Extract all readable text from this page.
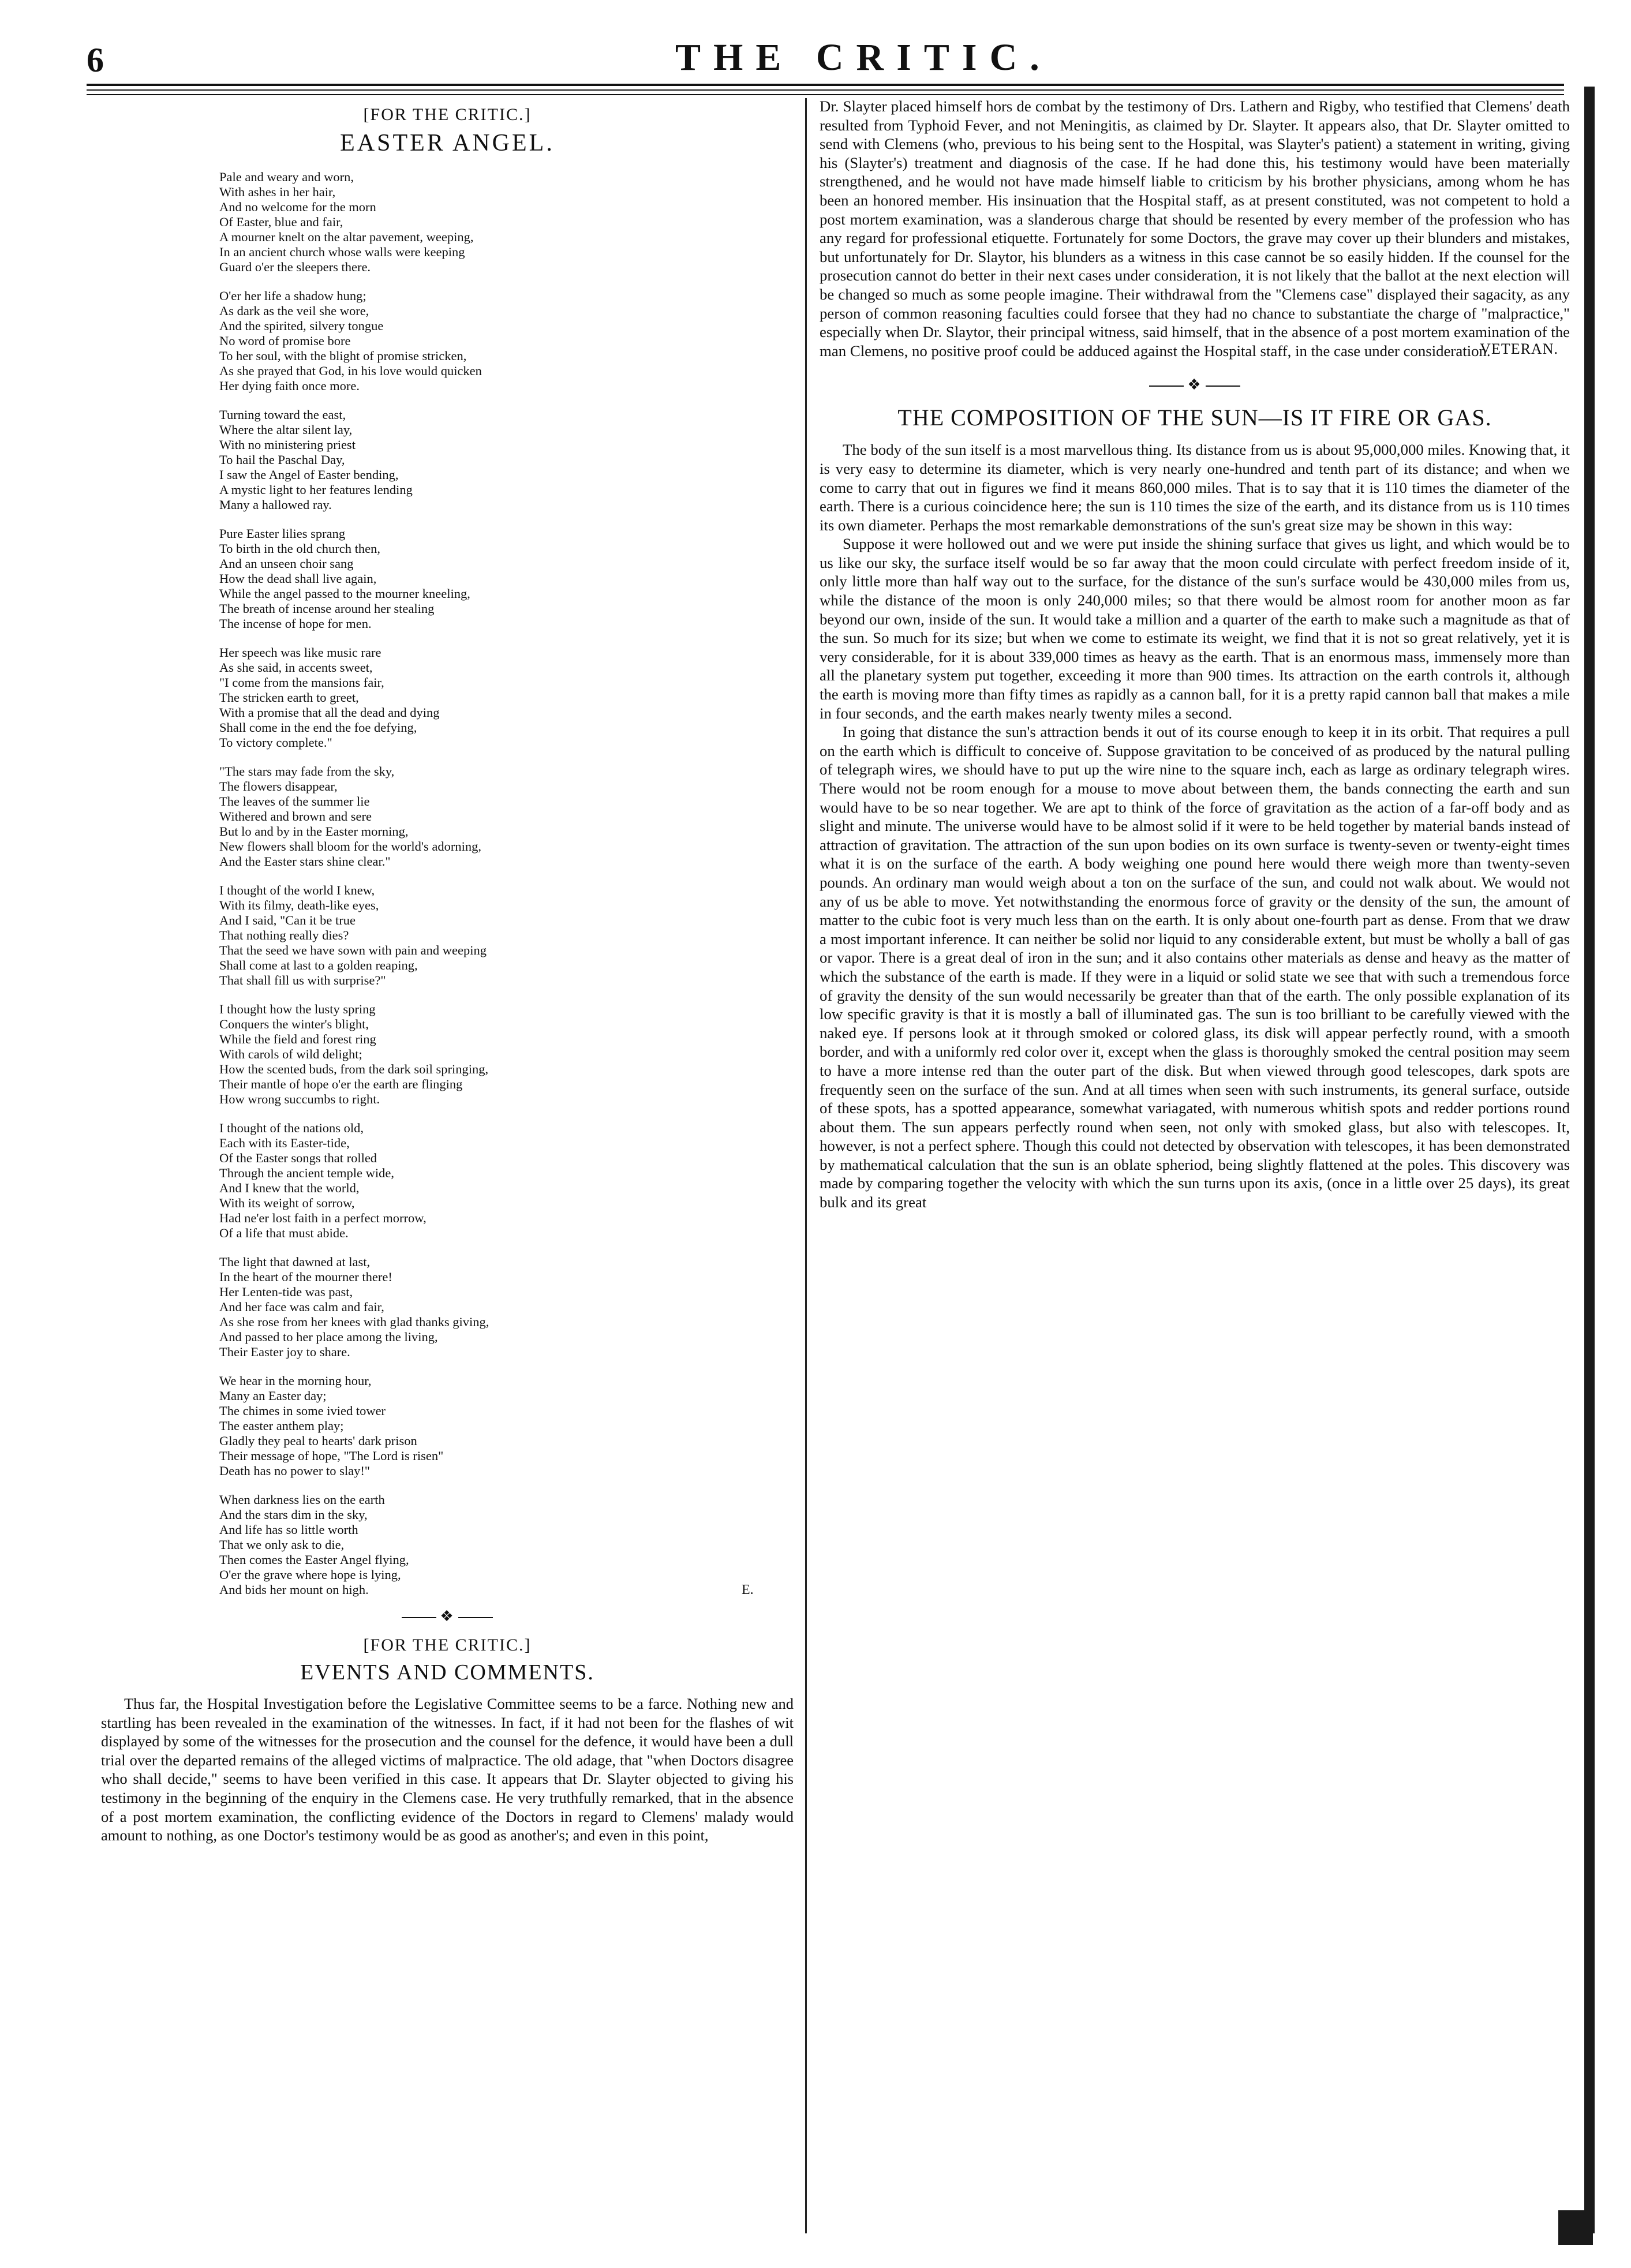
6	THE CRITIC.
[FOR THE CRITIC.]
EASTER ANGEL.
Pale and weary and worn,
With ashes in her hair,
And no welcome for the morn
Of Easter, blue and fair,
A mourner knelt on the altar pavement, weeping,
In an ancient church whose walls were keeping
Guard o'er the sleepers there.
O'er her life a shadow hung;
As dark as the veil she wore,
And the spirited, silvery tongue
No word of promise bore
To her soul, with the blight of promise stricken,
As she prayed that God, in his love would quicken
Her dying faith once more.
Turning toward the east,
Where the altar silent lay,
With no ministering priest
To hail the Paschal Day,
I saw the Angel of Easter bending,
A mystic light to her features lending
Many a hallowed ray.
Pure Easter lilies sprang
To birth in the old church then,
And an unseen choir sang
How the dead shall live again,
While the angel passed to the mourner kneeling,
The breath of incense around her stealing
The incense of hope for men.
Her speech was like music rare
As she said, in accents sweet,
"I come from the mansions fair,
The stricken earth to greet,
With a promise that all the dead and dying
Shall come in the end the foe defying,
To victory complete."
"The stars may fade from the sky,
The flowers disappear,
The leaves of the summer lie
Withered and brown and sere
But lo and by in the Easter morning,
New flowers shall bloom for the world's adorning,
And the Easter stars shine clear."
I thought of the world I knew,
With its filmy, death-like eyes,
And I said, "Can it be true
That nothing really dies?
That the seed we have sown with pain and weeping
Shall come at last to a golden reaping,
That shall fill us with surprise?"
I thought how the lusty spring
Conquers the winter's blight,
While the field and forest ring
With carols of wild delight;
How the scented buds, from the dark soil springing,
Their mantle of hope o'er the earth are flinging
How wrong succumbs to right.
I thought of the nations old,
Each with its Easter-tide,
Of the Easter songs that rolled
Through the ancient temple wide,
And I knew that the world,
With its weight of sorrow,
Had ne'er lost faith in a perfect morrow,
Of a life that must abide.
The light that dawned at last,
In the heart of the mourner there!
Her Lenten-tide was past,
And her face was calm and fair,
As she rose from her knees with glad thanks giving,
And passed to her place among the living,
Their Easter joy to share.
We hear in the morning hour,
Many an Easter day;
The chimes in some ivied tower
The easter anthem play;
Gladly they peal to hearts' dark prison
Their message of hope, "The Lord is risen"
Death has no power to slay!"
When darkness lies on the earth
And the stars dim in the sky,
And life has so little worth
That we only ask to die,
Then comes the Easter Angel flying,
O'er the grave where hope is lying,
And bids her mount on high.	E.
❖
[FOR THE CRITIC.]
EVENTS AND COMMENTS.

Thus far, the Hospital Investigation before the Legislative Committee seems to be a farce. Nothing new and startling has been revealed in the examination of the witnesses. In fact, if it had not been for the flashes of wit displayed by some of the witnesses for the prosecution and the counsel for the defence, it would have been a dull trial over the departed remains of the alleged victims of malpractice. The old adage, that "when Doctors disagree who shall decide," seems to have been verified in this case. It appears that Dr. Slayter objected to giving his testimony in the beginning of the enquiry in the Clemens case. He very truthfully remarked, that in the absence of a post mortem examination, the conflicting evidence of the Doctors in regard to Clemens' malady would amount to nothing, as one Doctor's testimony would be as good as another's; and even in this point,

Dr. Slayter placed himself hors de combat by the testimony of Drs. Lathern and Rigby, who testified that Clemens' death resulted from Typhoid Fever, and not Meningitis, as claimed by Dr. Slayter. It appears also, that Dr. Slayter omitted to send with Clemens (who, previous to his being sent to the Hospital, was Slayter's patient) a statement in writing, giving his (Slayter's) treatment and diagnosis of the case. If he had done this, his testimony would have been materially strengthened, and he would not have made himself liable to criticism by his brother physicians, among whom he has been an honored member. His insinuation that the Hospital staff, as at present constituted, was not competent to hold a post mortem examination, was a slanderous charge that should be resented by every member of the profession who has any regard for professional etiquette. Fortunately for some Doctors, the grave may cover up their blunders and mistakes, but unfortunately for Dr. Slaytor, his blunders as a witness in this case cannot be so easily hidden. If the counsel for the prosecution cannot do better in their next cases under consideration, it is not likely that the ballot at the next election will be changed so much as some people imagine. Their withdrawal from the "Clemens case" displayed their sagacity, as any person of common reasoning faculties could forsee that they had no chance to substantiate the charge of "malpractice," especially when Dr. Slaytor, their principal witness, said himself, that in the absence of a post mortem examination of the man Clemens, no positive proof could be adduced against the Hospital staff, in the case under consideration.

VETERAN.
❖
THE COMPOSITION OF THE SUN—IS IT FIRE OR GAS.

The body of the sun itself is a most marvellous thing. Its distance from us is about 95,000,000 miles. Knowing that, it is very easy to determine its diameter, which is very nearly one-hundred and tenth part of its distance; and when we come to carry that out in figures we find it means 860,000 miles. That is to say that it is 110 times the diameter of the earth. There is a curious coincidence here; the sun is 110 times the size of the earth, and its distance from us is 110 times its own diameter. Perhaps the most remarkable demonstrations of the sun's great size may be shown in this way:

Suppose it were hollowed out and we were put inside the shining surface that gives us light, and which would be to us like our sky, the surface itself would be so far away that the moon could circulate with perfect freedom inside of it, only little more than half way out to the surface, for the distance of the sun's surface would be 430,000 miles from us, while the distance of the moon is only 240,000 miles; so that there would be almost room for another moon as far beyond our own, inside of the sun. It would take a million and a quarter of the earth to make such a magnitude as that of the sun. So much for its size; but when we come to estimate its weight, we find that it is not so great relatively, yet it is very considerable, for it is about 339,000 times as heavy as the earth. That is an enormous mass, immensely more than all the planetary system put together, exceeding it more than 900 times. Its attraction on the earth controls it, although the earth is moving more than fifty times as rapidly as a cannon ball, for it is a pretty rapid cannon ball that makes a mile in four seconds, and the earth makes nearly twenty miles a second.

In going that distance the sun's attraction bends it out of its course enough to keep it in its orbit. That requires a pull on the earth which is difficult to conceive of. Suppose gravitation to be conceived of as produced by the natural pulling of telegraph wires, we should have to put up the wire nine to the square inch, each as large as ordinary telegraph wires. There would not be room enough for a mouse to move about between them, the bands connecting the earth and sun would have to be so near together. We are apt to think of the force of gravitation as the action of a far-off body and as slight and minute. The universe would have to be almost solid if it were to be held together by material bands instead of attraction of gravitation. The attraction of the sun upon bodies on its own surface is twenty-seven or twenty-eight times what it is on the surface of the earth. A body weighing one pound here would there weigh more than twenty-seven pounds. An ordinary man would weigh about a ton on the surface of the sun, and could not walk about. We would not any of us be able to move. Yet notwithstanding the enormous force of gravity or the density of the sun, the amount of matter to the cubic foot is very much less than on the earth. It is only about one-fourth part as dense. From that we draw a most important inference. It can neither be solid nor liquid to any considerable extent, but must be wholly a ball of gas or vapor. There is a great deal of iron in the sun; and it also contains other materials as dense and heavy as the matter of which the substance of the earth is made. If they were in a liquid or solid state we see that with such a tremendous force of gravity the density of the sun would necessarily be greater than that of the earth. The only possible explanation of its low specific gravity is that it is mostly a ball of illuminated gas. The sun is too brilliant to be carefully viewed with the naked eye. If persons look at it through smoked or colored glass, its disk will appear perfectly round, with a smooth border, and with a uniformly red color over it, except when the glass is thoroughly smoked the central position may seem to have a more intense red than the outer part of the disk. But when viewed through good telescopes, dark spots are frequently seen on the surface of the sun. And at all times when seen with such instruments, its general surface, outside of these spots, has a spotted appearance, somewhat variagated, with numerous whitish spots and redder portions round about them. The sun appears perfectly round when seen, not only with smoked glass, but also with telescopes. It, however, is not a perfect sphere. Though this could not detected by observation with telescopes, it has been demonstrated by mathematical calculation that the sun is an oblate spheriod, being slightly flattened at the poles. This discovery was made by comparing together the velocity with which the sun turns upon its axis, (once in a little over 25 days), its great bulk and its great
